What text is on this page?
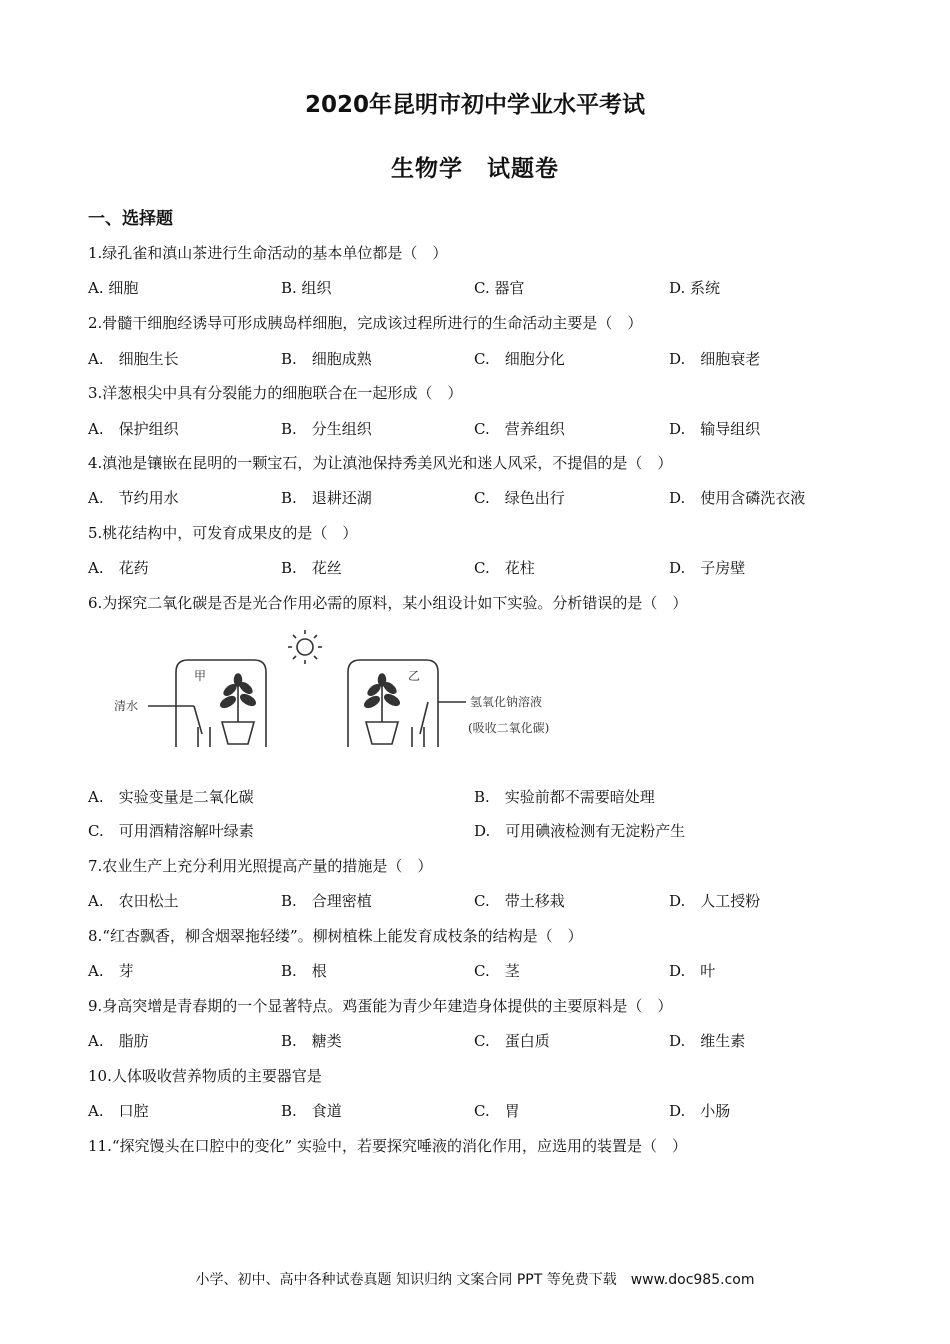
2020年昆明市初中学业水平考试
生物学　试题卷
一、选择题
1.绿孔雀和滇山茶进行生命活动的基本单位都是（　）
A. 细胞	B. 组织	C. 器官	D. 系统
2.骨髓干细胞经诱导可形成胰岛样细胞，完成该过程所进行的生命活动主要是（　）
A.　细胞生长	B.　细胞成熟	C.　细胞分化	D.　细胞衰老
3.洋葱根尖中具有分裂能力的细胞联合在一起形成（　）
A.　保护组织	B.　分生组织	C.　营养组织	D.　输导组织
4.滇池是镶嵌在昆明的一颗宝石，为让滇池保持秀美风光和迷人风采，不提倡的是（　）
A.　节约用水	B.　退耕还湖	C.　绿色出行	D.　使用含磷洗衣液
5.桃花结构中，可发育成果皮的是（　）
A.　花药	B.　花丝	C.　花柱	D.　子房壁
6.为探究二氧化碳是否是光合作用必需的原料，某小组设计如下实验。分析错误的是（　）
甲	乙
清水	氢氧化钠溶液
(吸收二氧化碳)
A.　实验变量是二氧化碳	B.　实验前都不需要暗处理
C.　可用酒精溶解叶绿素	D.　可用碘液检测有无淀粉产生
7.农业生产上充分利用光照提高产量的措施是（　）
A.　农田松土	B.　合理密植	C.　带土移栽	D.　人工授粉
8.“红杏飘香，柳含烟翠拖轻缕”。柳树植株上能发育成枝条的结构是（　）
A.　芽	B.　根	C.　茎	D.　叶
9.身高突增是青春期的一个显著特点。鸡蛋能为青少年建造身体提供的主要原料是（　）
A.　脂肪	B.　糖类	C.　蛋白质	D.　维生素
10.人体吸收营养物质的主要器官是
A.　口腔	B.　食道	C.　胃	D.　小肠
11.“探究馒头在口腔中的变化” 实验中，若要探究唾液的消化作用，应选用的装置是（　）
小学、初中、高中各种试卷真题 知识归纳 文案合同 PPT 等免费下载　www.doc985.com
